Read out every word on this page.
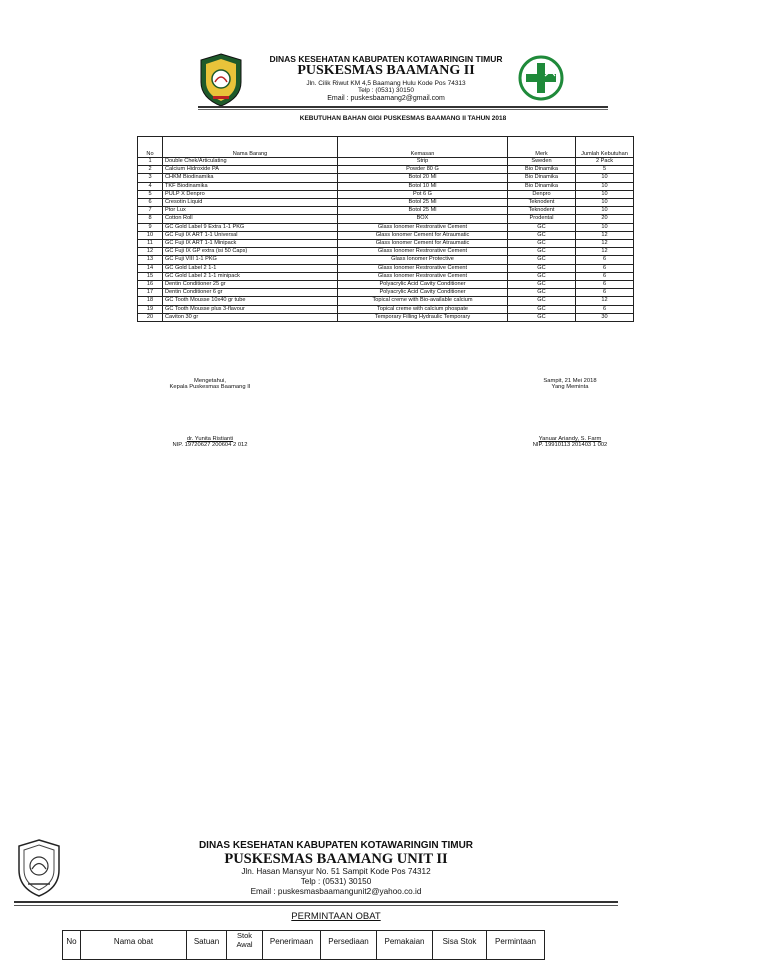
DINAS KESEHATAN KABUPATEN KOTAWARINGIN TIMUR
PUSKESMAS BAAMANG II
Jln. Cilik Riwut KM 4,5 Baamang Hulu Kode Pos 74313
Telp : (0531) 30150
Email : puskesbaamang2@gmail.com
KEBUTUHAN BAHAN GIGI PUSKESMAS BAAMANG II TAHUN 2018
No	Nama Barang	Kemasan	Merk	Jumlah Kebutuhan
1	Double Chek/Articulating	Strip	Sweden	2 Pack
2	Calcium Hidroxide PA	Powder 80 G	Bio Dinamika	5
3	CHKM Biodinamika	Botol 20 Ml	Bio Dinamika	10
4	TKF Biodinamika	Botol 10 Ml	Bio Dinamika	10
5	PULP X Denpro	Pot 6 G	Denpro	10
6	Cresotin Liquid	Botol 25 Ml	Teknodent	10
7	Ptor Lux	Botol 25 Ml	Teknodent	10
8	Cotton Roll	BOX	Prodental	20
9	GC Gold Label 9 Extra 1-1 PKG	Glass Ionomer Restrorative Cement	GC	10
10	GC Fuji IX ART 1-1 Universal	Glass Ionomer Cement for Atraumatic	GC	12
11	GC Fuji IX ART 1-1 Minipack	Glass Ionomer Cement for Atraumatic	GC	12
12	GC Fuji IX GP extra (isi 50 Caps)	Glass Ionomer Restrorative Cement	GC	12
13	GC Fuji VIII 1-1 PKG	Glass Ionomer Protective	GC	6
14	GC Gold Label 2 1-1	Glass Ionomer Restrorative Cement	GC	6
15	GC Gold Label 2 1-1 minipack	Glass Ionomer Restrorative Cement	GC	6
16	Dentin Conditioner 25 gr	Polyacrylic Acid Cavity Conditioner	GC	6
17	Dentin Conditioner 6 gr	Polyacrylic Acid Cavity Conditioner	GC	6
18	GC Tooth Mousse 10x40 gr tube	Topical creme with Bio-available calcium	GC	12
19	GC Tooth Mousse plus 3-flavour	Topical creme with calcium phospate	GC	6
20	Caviton 30 gr	Temporary Filling Hydraulic Temporary	GC	30
Mengetahui,
Kepala Puskesmas Baamang II
dr. Yunita Ristianti
NIP. 19720627 200604 2 012
Sampit, 21 Mei 2018
Yang Meminta
Yanuar Ariandy, S. Farm
NIP. 19910113 201403 1 002
DINAS KESEHATAN KABUPATEN KOTAWARINGIN TIMUR
PUSKESMAS BAAMANG UNIT II
Jln. Hasan Mansyur No. 51 Sampit Kode Pos 74312
Telp : (0531) 30150
Email : puskesmasbaamangunit2@yahoo.co.id
PERMINTAAN OBAT
No	Nama obat	Satuan	Stok Awal	Penerimaan	Persediaan	Pemakaian	Sisa Stok	Permintaan
